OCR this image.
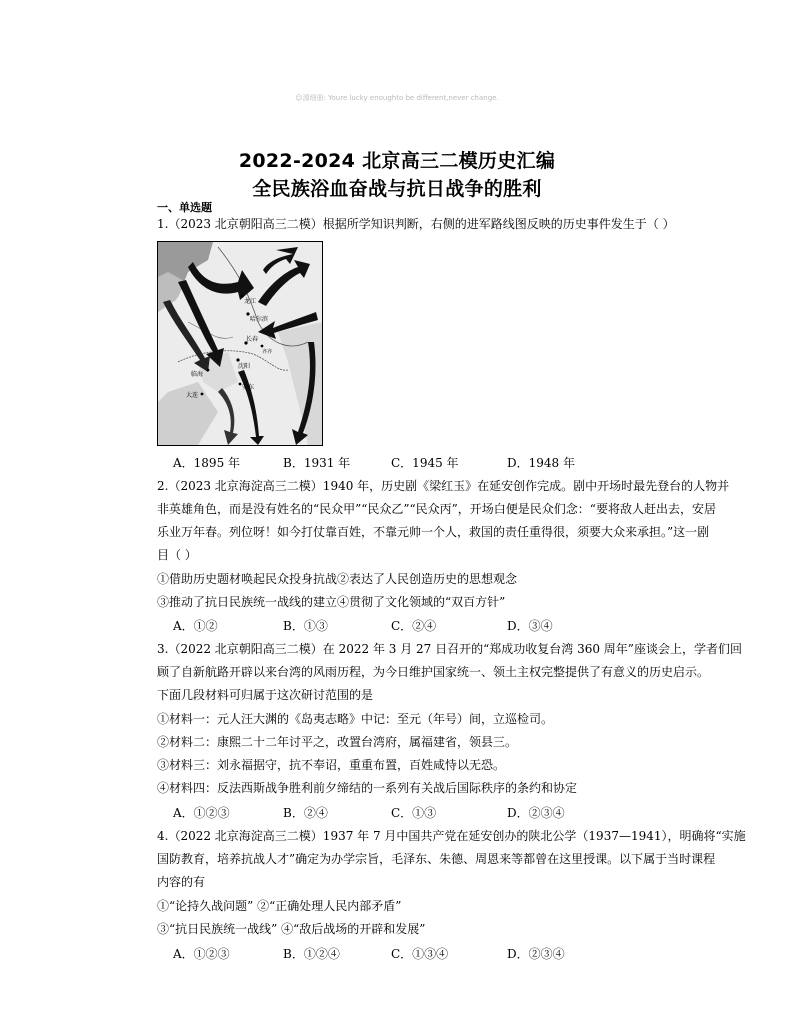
☺源细册: Youre lucky enoughto be different,never change.
2022-2024 北京高三二模历史汇编
全民族浴血奋战与抗日战争的胜利
一、单选题
1.（2023 北京朝阳高三二模）根据所学知识判断，右侧的进军路线图反映的历史事件发生于（ ）
龙江
哈尔滨
长春
齐齐
沈阳
临海
大连
安东
A．1895 年	B．1931 年	C．1945 年	D．1948 年
2.（2023 北京海淀高三二模）1940 年，历史剧《梁红玉》在延安创作完成。剧中开场时最先登台的人物并
非英雄角色，而是没有姓名的“民众甲”“民众乙”“民众丙”，开场白便是民众们念：“要将敌人赶出去，安居
乐业万年春。列位呀！如今打仗靠百姓，不靠元帅一个人，救国的责任重得很，须要大众来承担。”这一剧
目（ ）
①借助历史题材唤起民众投身抗战②表达了人民创造历史的思想观念
③推动了抗日民族统一战线的建立④贯彻了文化领域的“双百方针”
A．①②	B．①③	C．②④	D．③④
3.（2022 北京朝阳高三二模）在 2022 年 3 月 27 日召开的“郑成功收复台湾 360 周年”座谈会上，学者们回
顾了自新航路开辟以来台湾的风雨历程，为今日维护国家统一、领土主权完整提供了有意义的历史启示。
下面几段材料可归属于这次研讨范围的是
①材料一：元人汪大渊的《岛夷志略》中记：至元（年号）间，立巡检司。
②材料二：康熙二十二年讨平之，改置台湾府，属福建省，领县三。
③材料三：刘永福据守，抗不奉诏，重重布置，百姓咸恃以无恐。
④材料四：反法西斯战争胜利前夕缔结的一系列有关战后国际秩序的条约和协定
A．①②③	B．②④	C．①③	D．②③④
4.（2022 北京海淀高三二模）1937 年 7 月中国共产党在延安创办的陕北公学（1937—1941），明确将“实施
国防教育，培养抗战人才”确定为办学宗旨，毛泽东、朱德、周恩来等都曾在这里授课。以下属于当时课程
内容的有
①“论持久战问题” ②“正确处理人民内部矛盾”
③“抗日民族统一战线” ④“敌后战场的开辟和发展”
A．①②③	B．①②④	C．①③④	D．②③④
